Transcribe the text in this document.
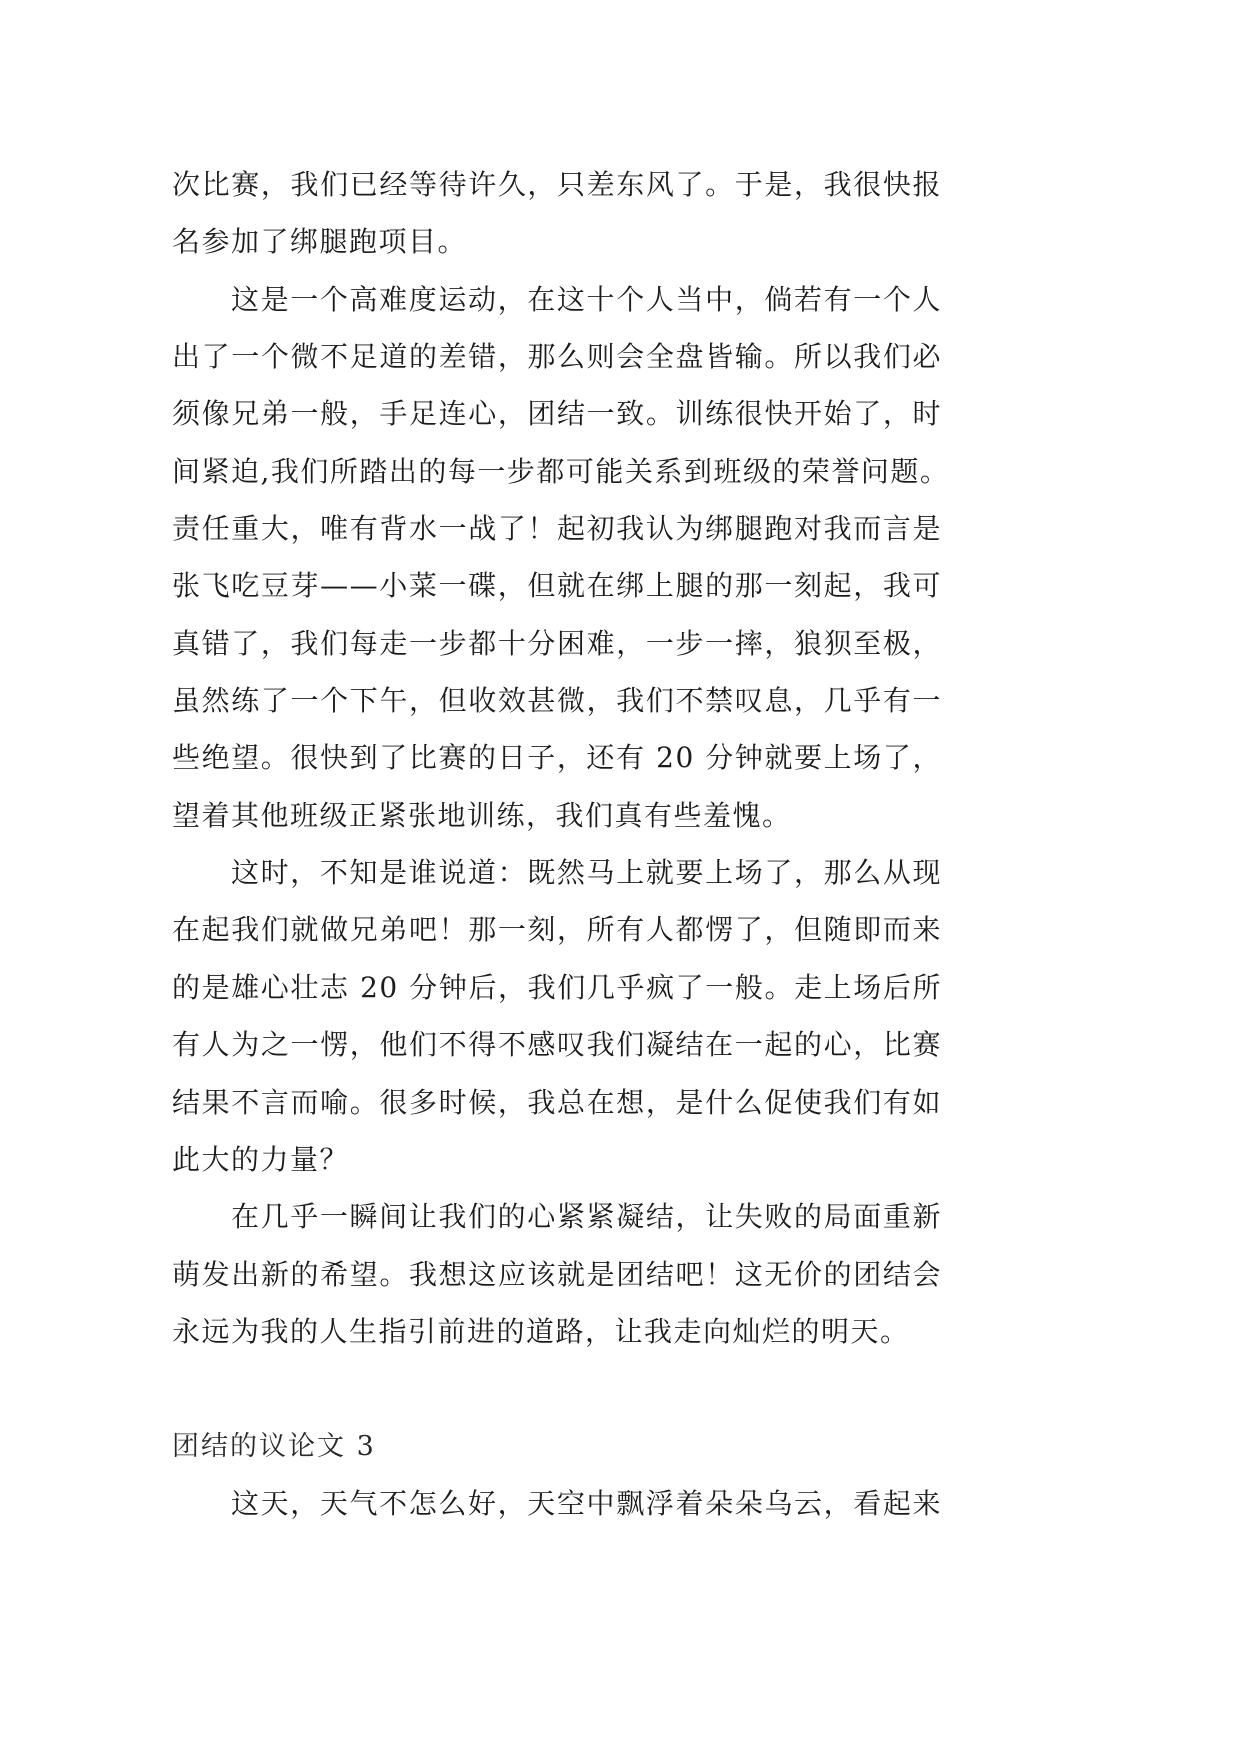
次比赛，我们已经等待许久，只差东风了。于是，我很快报
名参加了绑腿跑项目。
这是一个高难度运动，在这十个人当中，倘若有一个人
出了一个微不足道的差错，那么则会全盘皆输。所以我们必
须像兄弟一般，手足连心，团结一致。训练很快开始了，时
间紧迫,我们所踏出的每一步都可能关系到班级的荣誉问题。
责任重大，唯有背水一战了！起初我认为绑腿跑对我而言是
张飞吃豆芽——小菜一碟，但就在绑上腿的那一刻起，我可
真错了，我们每走一步都十分困难，一步一摔，狼狈至极，
虽然练了一个下午，但收效甚微，我们不禁叹息，几乎有一
些绝望。很快到了比赛的日子，还有 20 分钟就要上场了，
望着其他班级正紧张地训练，我们真有些羞愧。
这时，不知是谁说道：既然马上就要上场了，那么从现
在起我们就做兄弟吧！那一刻，所有人都愣了，但随即而来
的是雄心壮志 20 分钟后，我们几乎疯了一般。走上场后所
有人为之一愣，他们不得不感叹我们凝结在一起的心，比赛
结果不言而喻。很多时候，我总在想，是什么促使我们有如
此大的力量？
在几乎一瞬间让我们的心紧紧凝结，让失败的局面重新
萌发出新的希望。我想这应该就是团结吧！这无价的团结会
永远为我的人生指引前进的道路，让我走向灿烂的明天。
团结的议论文 3
这天，天气不怎么好，天空中飘浮着朵朵乌云，看起来
